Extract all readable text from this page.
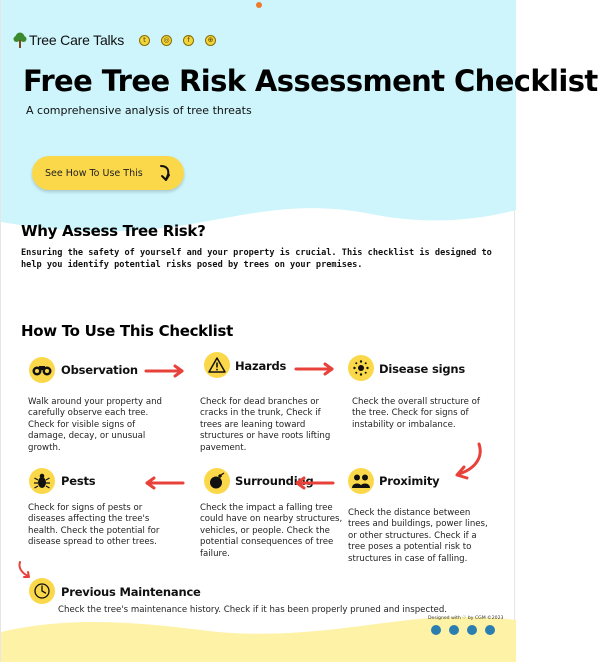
Tree Care Talks	t	◎	f	⊕
Free Tree Risk Assessment Checklist
A comprehensive analysis of tree threats
See How To Use This
Why Assess Tree Risk?
Ensuring the safety of yourself and your property is crucial. This checklist is designed to help you identify potential risks posed by trees on your premises.
How To Use This Checklist
Observation
Walk around your property and carefully observe each tree. Check for visible signs of damage, decay, or unusual growth.
Hazards
Check for dead branches or cracks in the trunk, Check if trees are leaning toward structures or have roots lifting pavement.
Disease signs
Check the overall structure of the tree. Check for signs of instability or imbalance.
Proximity
Check the distance between trees and buildings, power lines, or other structures. Check if a tree poses a potential risk to structures in case of falling.
Surrounding
Check the impact a falling tree could have on nearby structures, vehicles, or people. Check the potential consequences of tree failure.
Pests
Check for signs of pests or diseases affecting the tree's health. Check the potential for disease spread to other trees.
Previous Maintenance
Check the tree's maintenance history. Check if it has been properly pruned and inspected.
Designed with ♡ by CGM ©2023
